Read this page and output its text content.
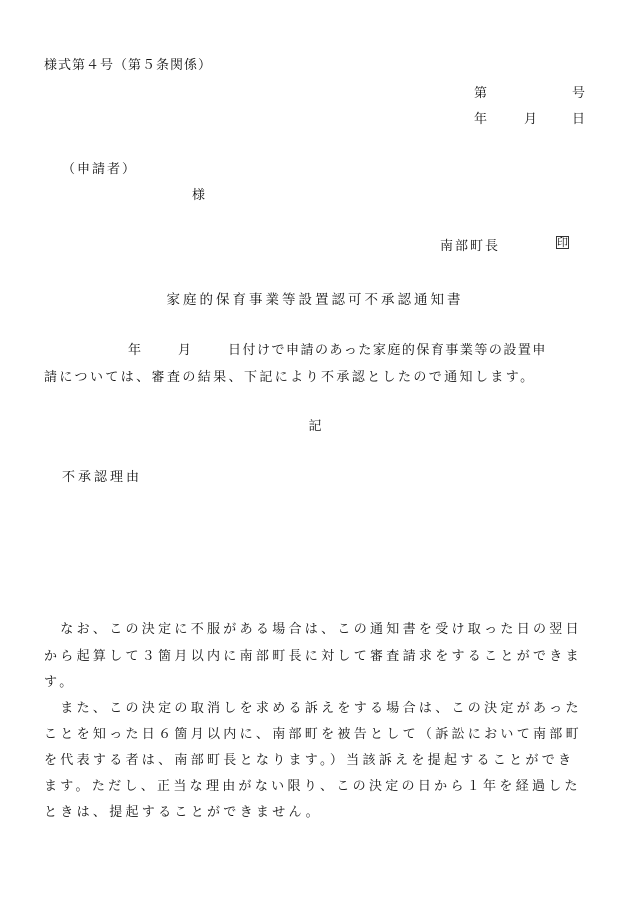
様式第４号（第５条関係）
第	号
年	月	日
（申請者）
様
南部町長	印
家庭的保育事業等設置認可不承認通知書
年	月	日付けで申請のあった家庭的保育事業等の設置申
請については、審査の結果、下記により不承認としたので通知します。
記
不承認理由
　なお、この決定に不服がある場合は、この通知書を受け取った日の翌日
から起算して３箇月以内に南部町長に対して審査請求をすることができま
す。
　また、この決定の取消しを求める訴えをする場合は、この決定があった
ことを知った日６箇月以内に、南部町を被告として（訴訟において南部町
を代表する者は、南部町長となります。）当該訴えを提起することができ
ます。ただし、正当な理由がない限り、この決定の日から１年を経過した
ときは、提起することができません。
